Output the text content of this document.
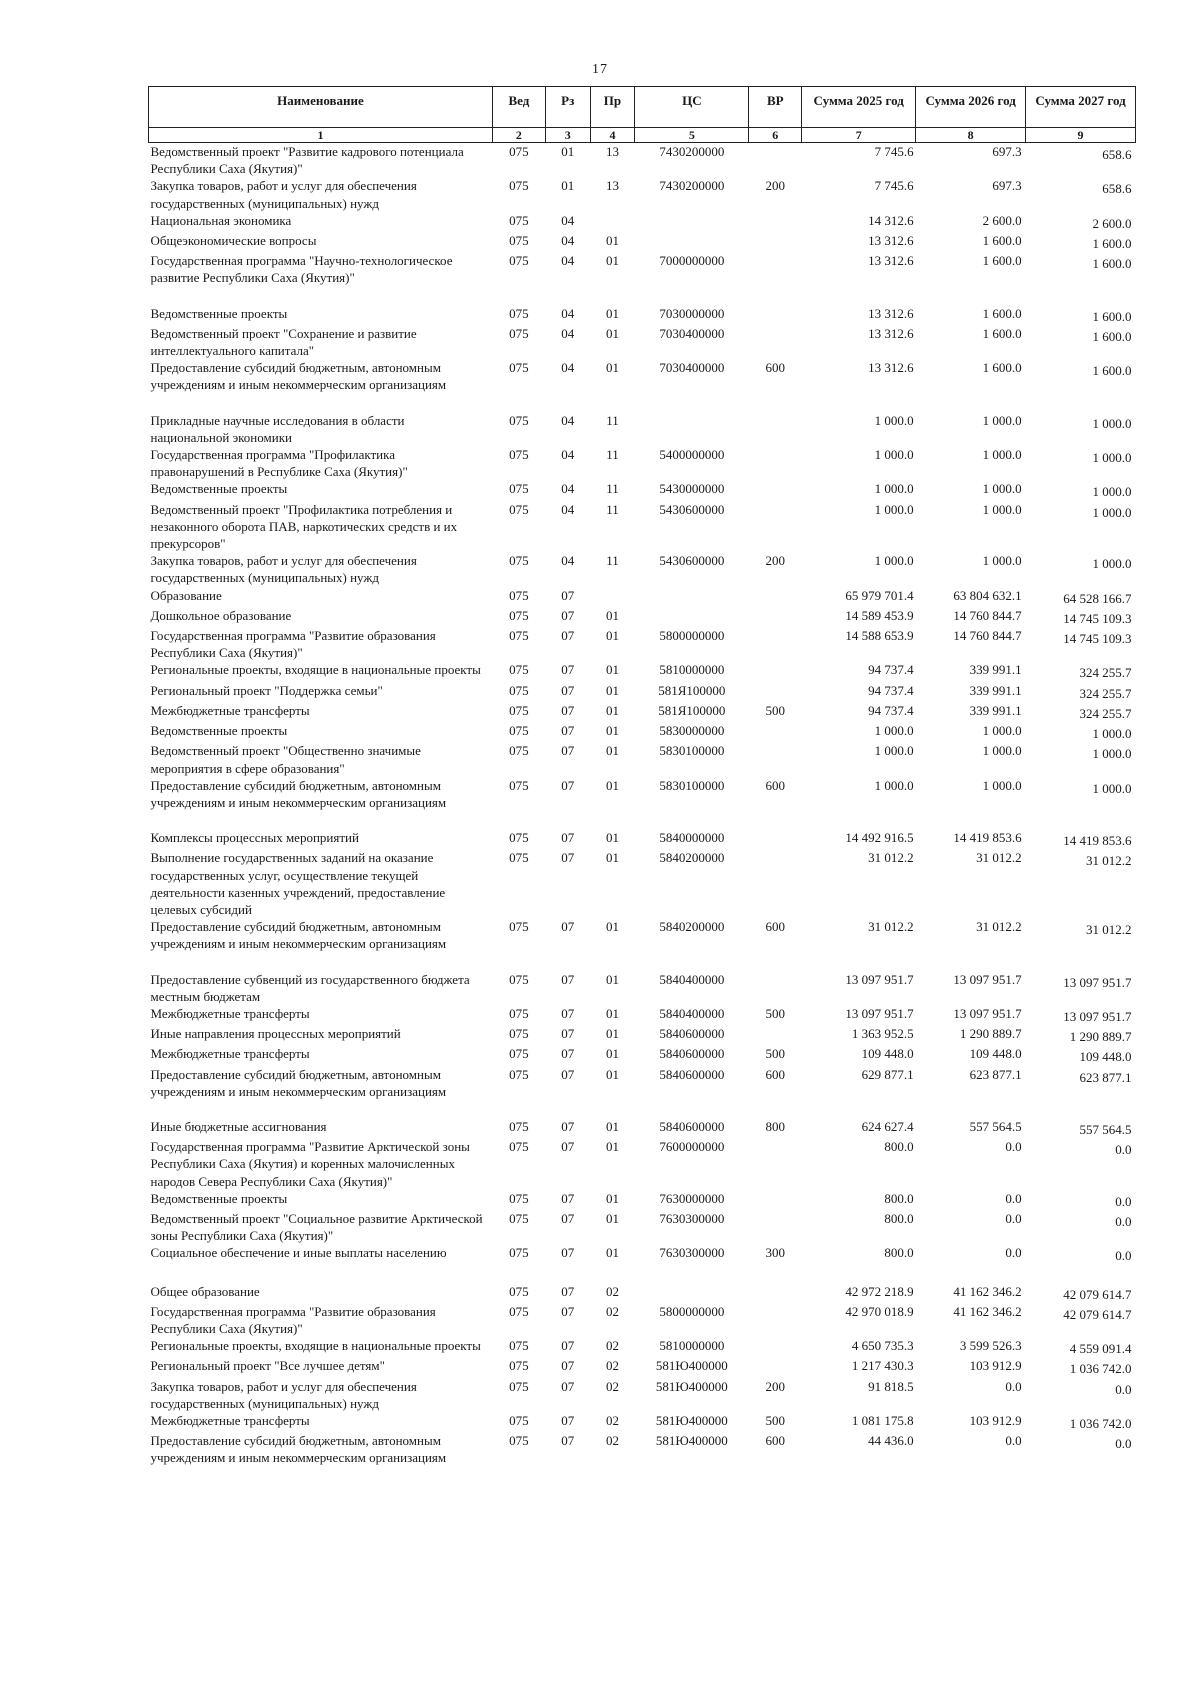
17
Наименование	Вед	Рз	Пр	ЦС	ВР	Сумма 2025 год	Сумма 2026 год	Сумма 2027 год
1	2	3	4	5	6	7	8	9
Ведомственный проект "Развитие кадрового потенциала Республики Саха (Якутия)"	075	01	13	7430200000		7 745.6	697.3	658.6
Закупка товаров, работ и услуг для обеспечения государственных (муниципальных) нужд	075	01	13	7430200000	200	7 745.6	697.3	658.6
Национальная экономика	075	04				14 312.6	2 600.0	2 600.0
Общеэкономические вопросы	075	04	01			13 312.6	1 600.0	1 600.0
Государственная программа "Научно-технологическое развитие Республики Саха (Якутия)"	075	04	01	7000000000		13 312.6	1 600.0	1 600.0
Ведомственные проекты	075	04	01	7030000000		13 312.6	1 600.0	1 600.0
Ведомственный проект "Сохранение и развитие интеллектуального капитала"	075	04	01	7030400000		13 312.6	1 600.0	1 600.0
Предоставление субсидий бюджетным, автономным учреждениям и иным некоммерческим организациям	075	04	01	7030400000	600	13 312.6	1 600.0	1 600.0
Прикладные научные исследования в области национальной экономики	075	04	11			1 000.0	1 000.0	1 000.0
Государственная программа "Профилактика правонарушений в Республике Саха (Якутия)"	075	04	11	5400000000		1 000.0	1 000.0	1 000.0
Ведомственные проекты	075	04	11	5430000000		1 000.0	1 000.0	1 000.0
Ведомственный проект "Профилактика потребления и незаконного оборота ПАВ, наркотических средств и их прекурсоров"	075	04	11	5430600000		1 000.0	1 000.0	1 000.0
Закупка товаров, работ и услуг для обеспечения государственных (муниципальных) нужд	075	04	11	5430600000	200	1 000.0	1 000.0	1 000.0
Образование	075	07				65 979 701.4	63 804 632.1	64 528 166.7
Дошкольное образование	075	07	01			14 589 453.9	14 760 844.7	14 745 109.3
Государственная программа "Развитие образования Республики Саха (Якутия)"	075	07	01	5800000000		14 588 653.9	14 760 844.7	14 745 109.3
Региональные проекты, входящие в национальные проекты	075	07	01	5810000000		94 737.4	339 991.1	324 255.7
Региональный проект "Поддержка семьи"	075	07	01	581Я100000		94 737.4	339 991.1	324 255.7
Межбюджетные трансферты	075	07	01	581Я100000	500	94 737.4	339 991.1	324 255.7
Ведомственные проекты	075	07	01	5830000000		1 000.0	1 000.0	1 000.0
Ведомственный проект "Общественно значимые мероприятия в сфере образования"	075	07	01	5830100000		1 000.0	1 000.0	1 000.0
Предоставление субсидий бюджетным, автономным учреждениям и иным некоммерческим организациям	075	07	01	5830100000	600	1 000.0	1 000.0	1 000.0
Комплексы процессных мероприятий	075	07	01	5840000000		14 492 916.5	14 419 853.6	14 419 853.6
Выполнение государственных заданий на оказание государственных услуг, осуществление текущей деятельности казенных учреждений, предоставление целевых субсидий	075	07	01	5840200000		31 012.2	31 012.2	31 012.2
Предоставление субсидий бюджетным, автономным учреждениям и иным некоммерческим организациям	075	07	01	5840200000	600	31 012.2	31 012.2	31 012.2
Предоставление субвенций из государственного бюджета местным бюджетам	075	07	01	5840400000		13 097 951.7	13 097 951.7	13 097 951.7
Межбюджетные трансферты	075	07	01	5840400000	500	13 097 951.7	13 097 951.7	13 097 951.7
Иные направления процессных мероприятий	075	07	01	5840600000		1 363 952.5	1 290 889.7	1 290 889.7
Межбюджетные трансферты	075	07	01	5840600000	500	109 448.0	109 448.0	109 448.0
Предоставление субсидий бюджетным, автономным учреждениям и иным некоммерческим организациям	075	07	01	5840600000	600	629 877.1	623 877.1	623 877.1
Иные бюджетные ассигнования	075	07	01	5840600000	800	624 627.4	557 564.5	557 564.5
Государственная программа "Развитие Арктической зоны Республики Саха (Якутия) и коренных малочисленных народов Севера Республики Саха (Якутия)"	075	07	01	7600000000		800.0	0.0	0.0
Ведомственные проекты	075	07	01	7630000000		800.0	0.0	0.0
Ведомственный проект "Социальное развитие Арктической зоны Республики Саха (Якутия)"	075	07	01	7630300000		800.0	0.0	0.0
Социальное обеспечение и иные выплаты населению	075	07	01	7630300000	300	800.0	0.0	0.0
Общее образование	075	07	02			42 972 218.9	41 162 346.2	42 079 614.7
Государственная программа "Развитие образования Республики Саха (Якутия)"	075	07	02	5800000000		42 970 018.9	41 162 346.2	42 079 614.7
Региональные проекты, входящие в национальные проекты	075	07	02	5810000000		4 650 735.3	3 599 526.3	4 559 091.4
Региональный проект "Все лучшее детям"	075	07	02	581Ю400000		1 217 430.3	103 912.9	1 036 742.0
Закупка товаров, работ и услуг для обеспечения государственных (муниципальных) нужд	075	07	02	581Ю400000	200	91 818.5	0.0	0.0
Межбюджетные трансферты	075	07	02	581Ю400000	500	1 081 175.8	103 912.9	1 036 742.0
Предоставление субсидий бюджетным, автономным учреждениям и иным некоммерческим организациям	075	07	02	581Ю400000	600	44 436.0	0.0	0.0
